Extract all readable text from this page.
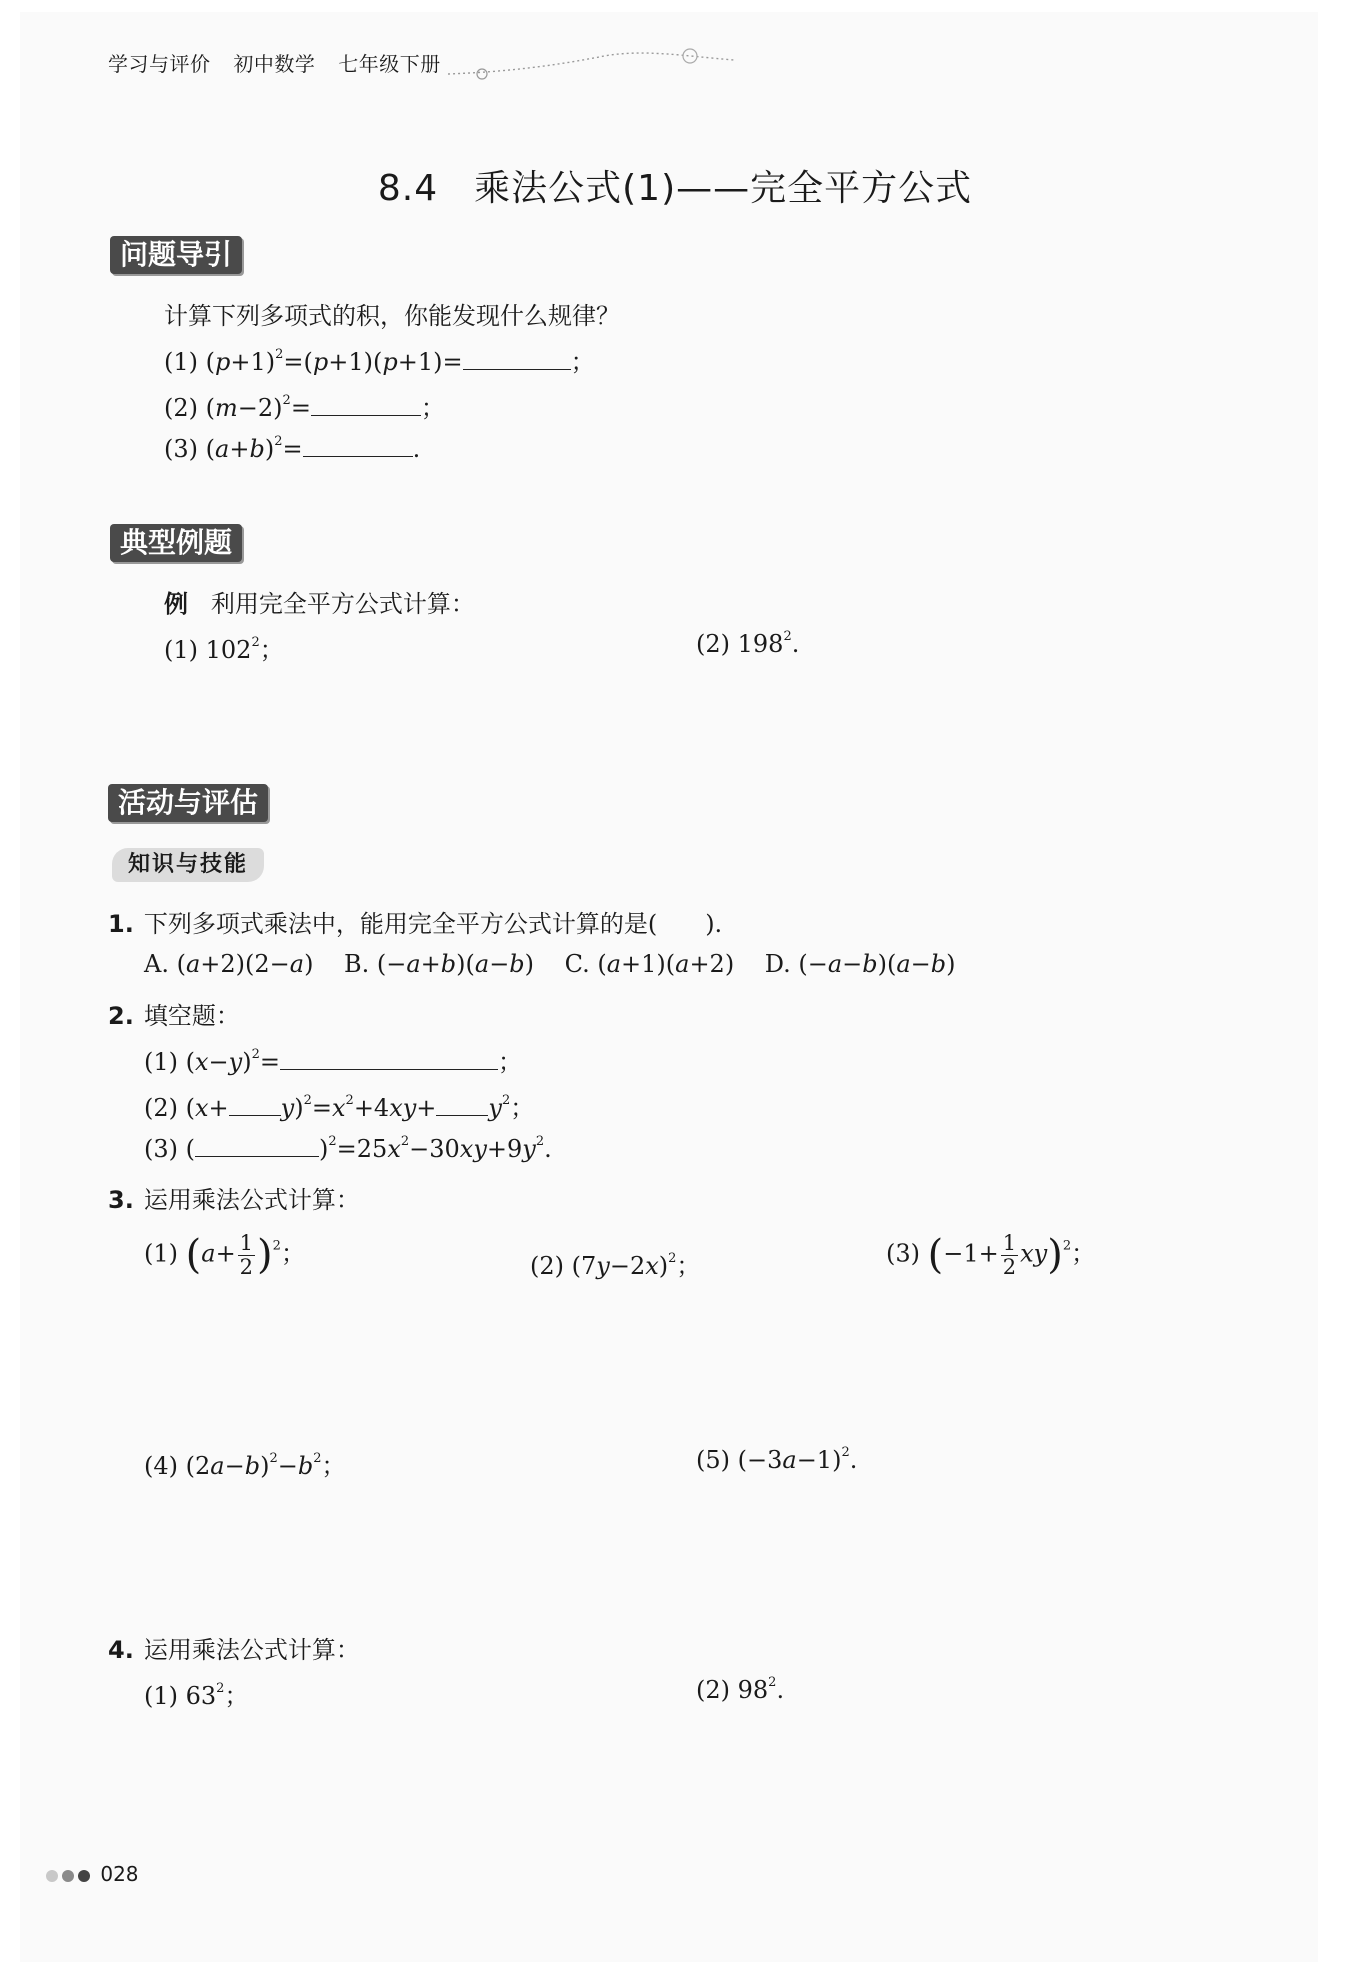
学习与评价 初中数学 七年级下册
8.4 乘法公式(1)——完全平方公式
问题导引
计算下列多项式的积，你能发现什么规律？
(1) $(p+1)^2=(p+1)(p+1)=$	；
(2) $(m-2)^2=$	；
(3) $(a+b)^2=$	.
典型例题
例 利用完全平方公式计算：
(1) $102^2$；	(2) $198^2$.
活动与评估
知识与技能
1. 下列多项式乘法中，能用完全平方公式计算的是(　　).
A. (a+2)(2−a) B. (−a+b)(a−b) C. (a+1)(a+2) D. (−a−b)(a−b)
2. 填空题：
(1) $(x-y)^2=$	；
(2) $(x+ y)^2=x^2+4xy+ y^2$；
(3) (	)$^2=25x^2-30xy+9y^2$.
3. 运用乘法公式计算：
(1) $(a+ \frac{1}{2} )^2$；	(2) $(7y-2x)^2$；	(3) $(-1+ \frac{1}{2} xy)^2$；
(4) $(2a-b)^2-b^2$；	(5) $(-3a-1)^2$.
4. 运用乘法公式计算：
(1) $63^2$；	(2) $98^2$.
028
